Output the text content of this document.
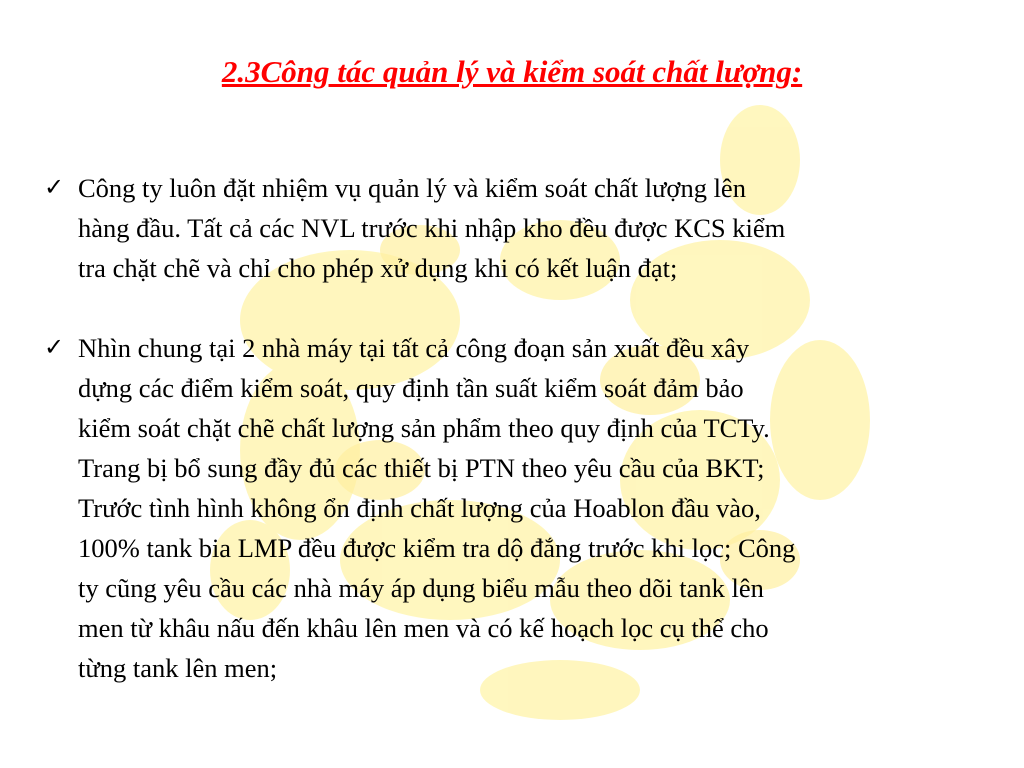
2.3Công tác quản lý và kiểm soát chất lượng:
✓ Công ty luôn đặt nhiệm vụ quản lý và kiểm soát chất lượng lên
hàng đầu. Tất cả các NVL trước khi nhập kho đều được KCS kiểm
tra chặt chẽ và chỉ cho phép xử dụng khi có kết luận đạt;
✓ Nhìn chung tại 2 nhà máy tại tất cả công đoạn sản xuất đều xây
dựng các điểm kiểm soát, quy định tần suất kiểm soát đảm bảo
kiểm soát chặt chẽ chất lượng sản phẩm theo quy định của TCTy.
Trang bị bổ sung đầy đủ các thiết bị PTN theo yêu cầu của BKT;
Trước tình hình không ổn định chất lượng của Hoablon đầu vào,
100% tank bia LMP đều được kiểm tra dộ đắng trước khi lọc; Công
ty cũng yêu cầu các nhà máy áp dụng biểu mẫu theo dõi tank lên
men từ khâu nấu đến khâu lên men và có kế hoạch lọc cụ thể cho
từng tank lên men;
